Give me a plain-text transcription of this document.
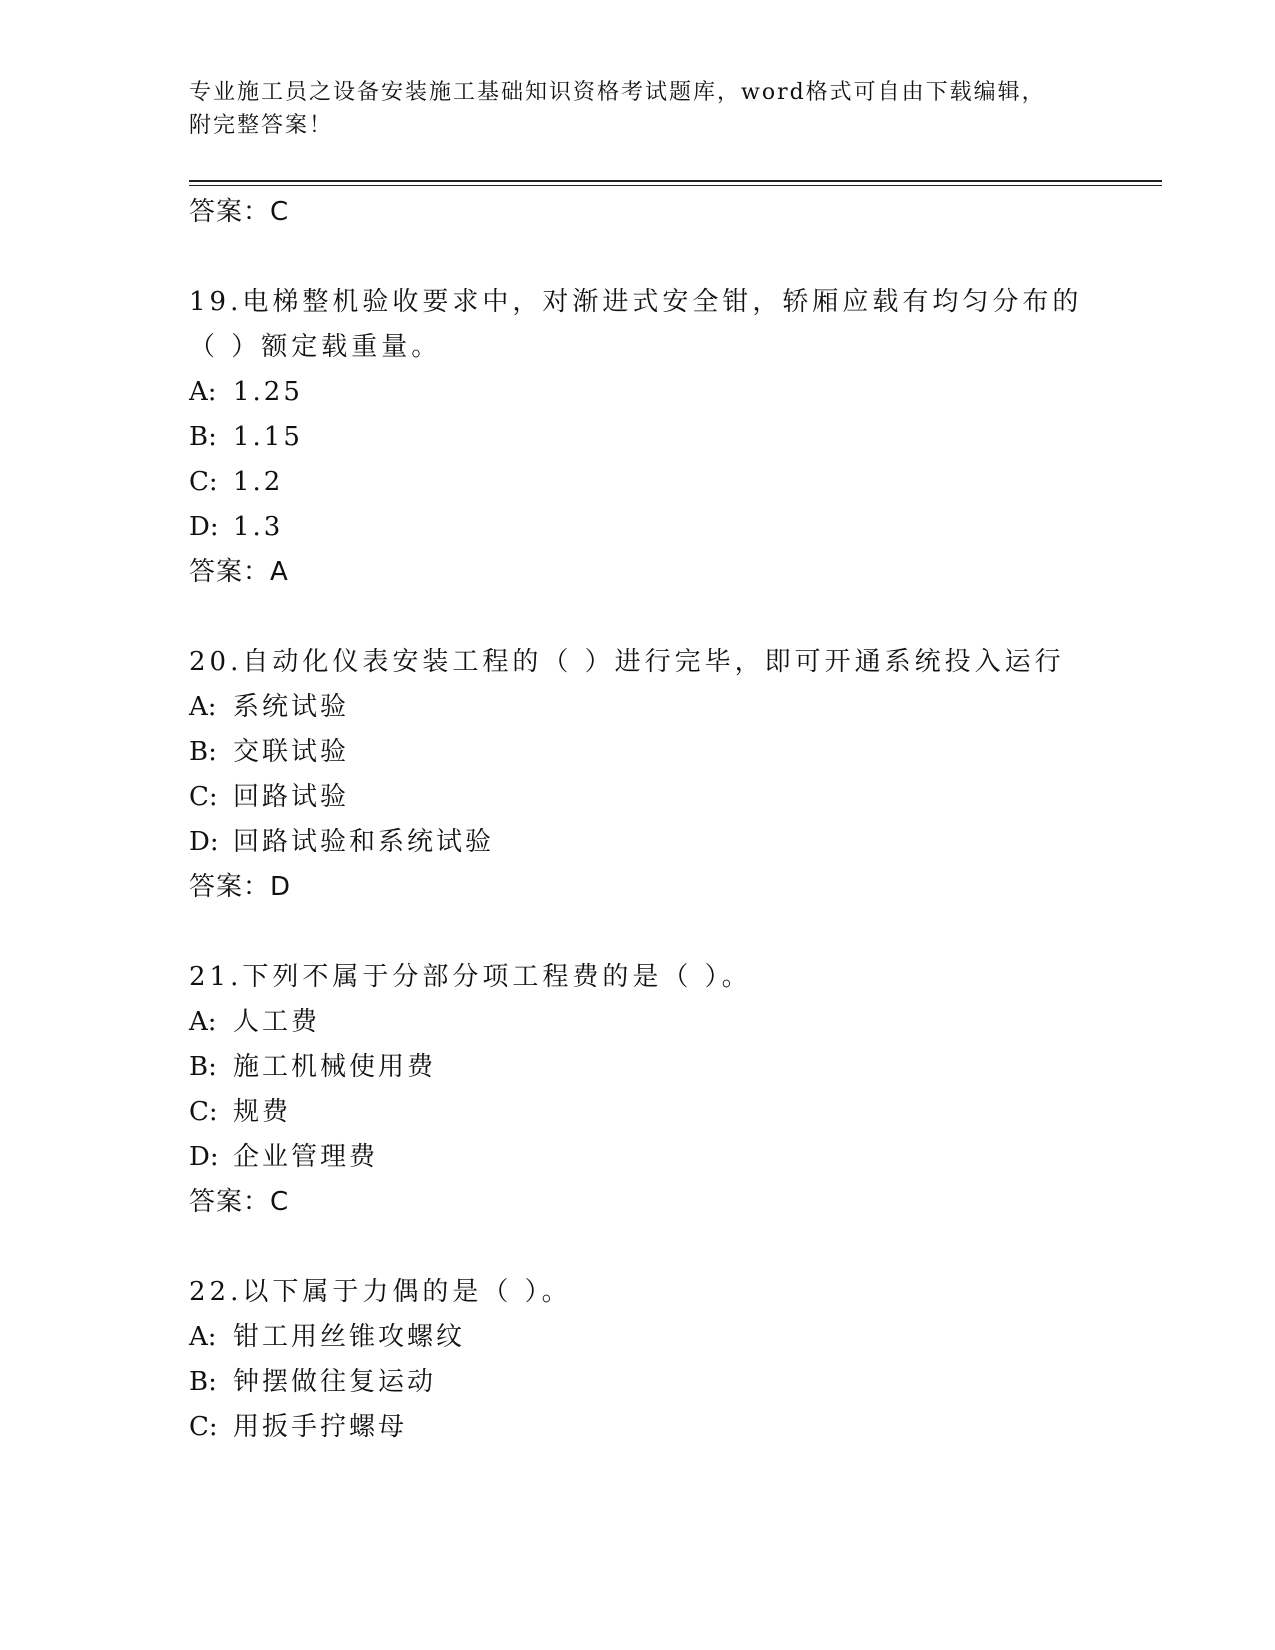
专业施工员之设备安装施工基础知识资格考试题库，word格式可自由下载编辑，
附完整答案！
答案：C
19.电梯整机验收要求中，对渐进式安全钳，轿厢应载有均匀分布的（ ）额定载重量。
A: 1.25
B: 1.15
C: 1.2
D: 1.3
答案：A
20.自动化仪表安装工程的（ ）进行完毕，即可开通系统投入运行
A: 系统试验
B: 交联试验
C: 回路试验
D: 回路试验和系统试验
答案：D
21.下列不属于分部分项工程费的是（ ）。
A: 人工费
B: 施工机械使用费
C: 规费
D: 企业管理费
答案：C
22.以下属于力偶的是（ ）。
A: 钳工用丝锥攻螺纹
B: 钟摆做往复运动
C: 用扳手拧螺母
